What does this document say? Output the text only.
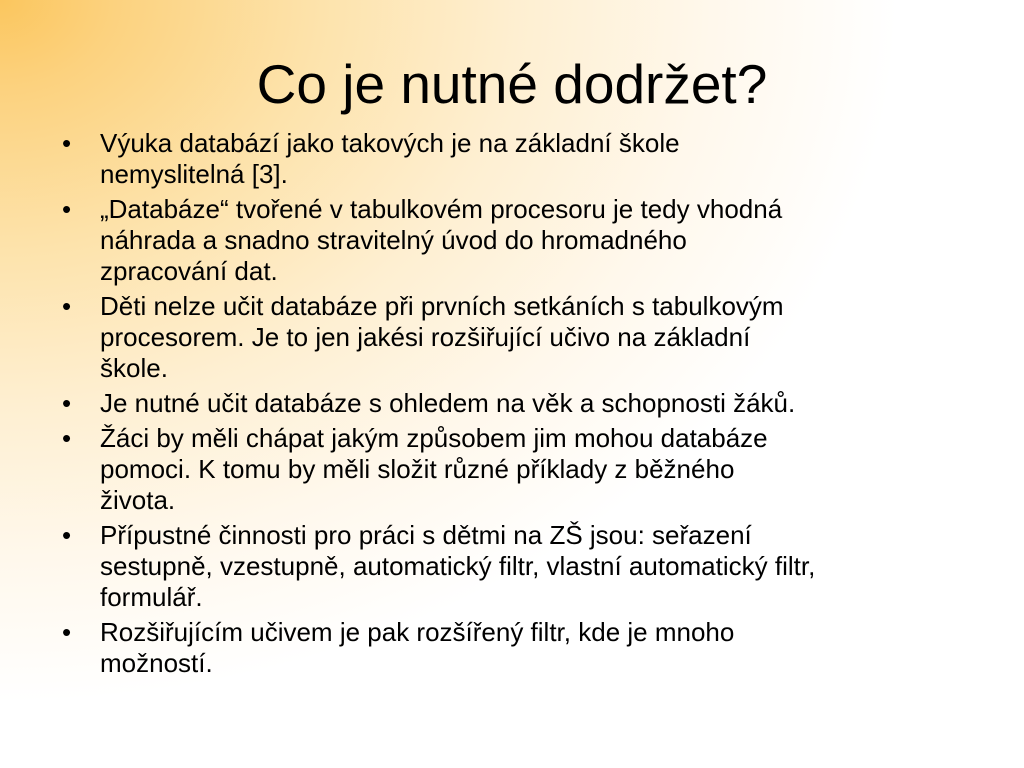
Co je nutné dodržet?
•	Výuka databází jako takových je na základní škole
nemyslitelná [3].
•	„Databáze“ tvořené v tabulkovém procesoru je tedy vhodná
náhrada a snadno stravitelný úvod do hromadného
zpracování dat.
•	Děti nelze učit databáze při prvních setkáních s tabulkovým
procesorem. Je to jen jakési rozšiřující učivo na základní
škole.
•	Je nutné učit databáze s ohledem na věk a schopnosti žáků.
•	Žáci by měli chápat jakým způsobem jim mohou databáze
pomoci. K tomu by měli složit různé příklady z běžného
života.
•	Přípustné činnosti pro práci s dětmi na ZŠ jsou: seřazení
sestupně, vzestupně, automatický filtr, vlastní automatický filtr,
formulář.
•	Rozšiřujícím učivem je pak rozšířený filtr, kde je mnoho
možností.
